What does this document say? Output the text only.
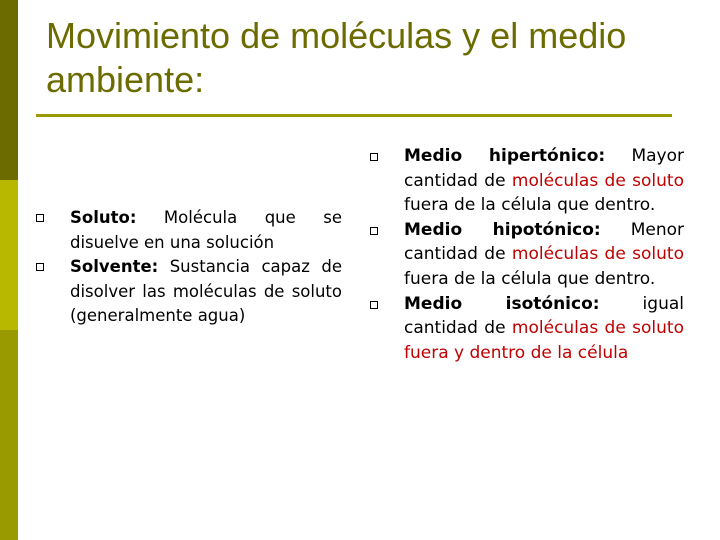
Movimiento de moléculas y el medio ambiente:
Soluto: Molécula que se disuelve en una solución
Solvente: Sustancia capaz de disolver las moléculas de soluto (generalmente agua)
Medio hipertónico: Mayor cantidad de moléculas de soluto fuera de la célula que dentro.
Medio hipotónico: Menor cantidad de moléculas de soluto fuera de la célula que dentro.
Medio isotónico: igual cantidad de moléculas de soluto fuera y dentro de la célula
